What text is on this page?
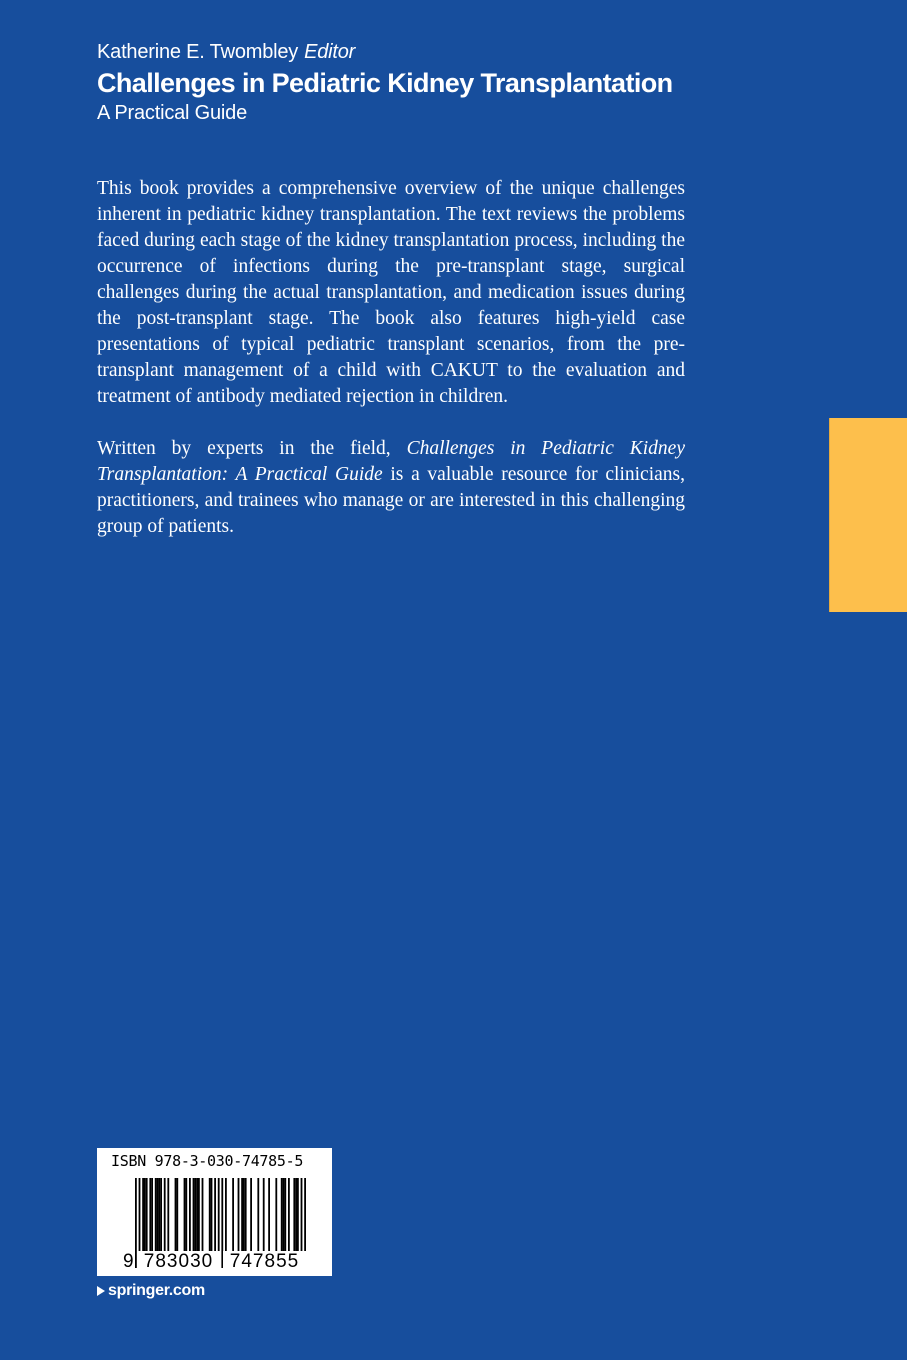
Katherine E. Twombley Editor
Challenges in Pediatric Kidney Transplantation
A Practical Guide

This book provides a comprehensive overview of the unique challenges inherent in pediatric kidney transplantation. The text reviews the problems faced during each stage of the kidney transplantation process, including the occurrence of infections during the pre-transplant stage, surgical challenges during the actual transplantation, and medication issues during the post-transplant stage. The book also features high-yield case presentations of typical pediatric transplant scenarios, from the pre-transplant management of a child with CAKUT to the evaluation and treatment of antibody mediated rejection in children.

Written by experts in the field, Challenges in Pediatric Kidney Transplantation: A Practical Guide is a valuable resource for clinicians, practitioners, and trainees who manage or are interested in this challenging group of patients.

ISBN 978-3-030-74785-5
9 783030 747855
springer.com
